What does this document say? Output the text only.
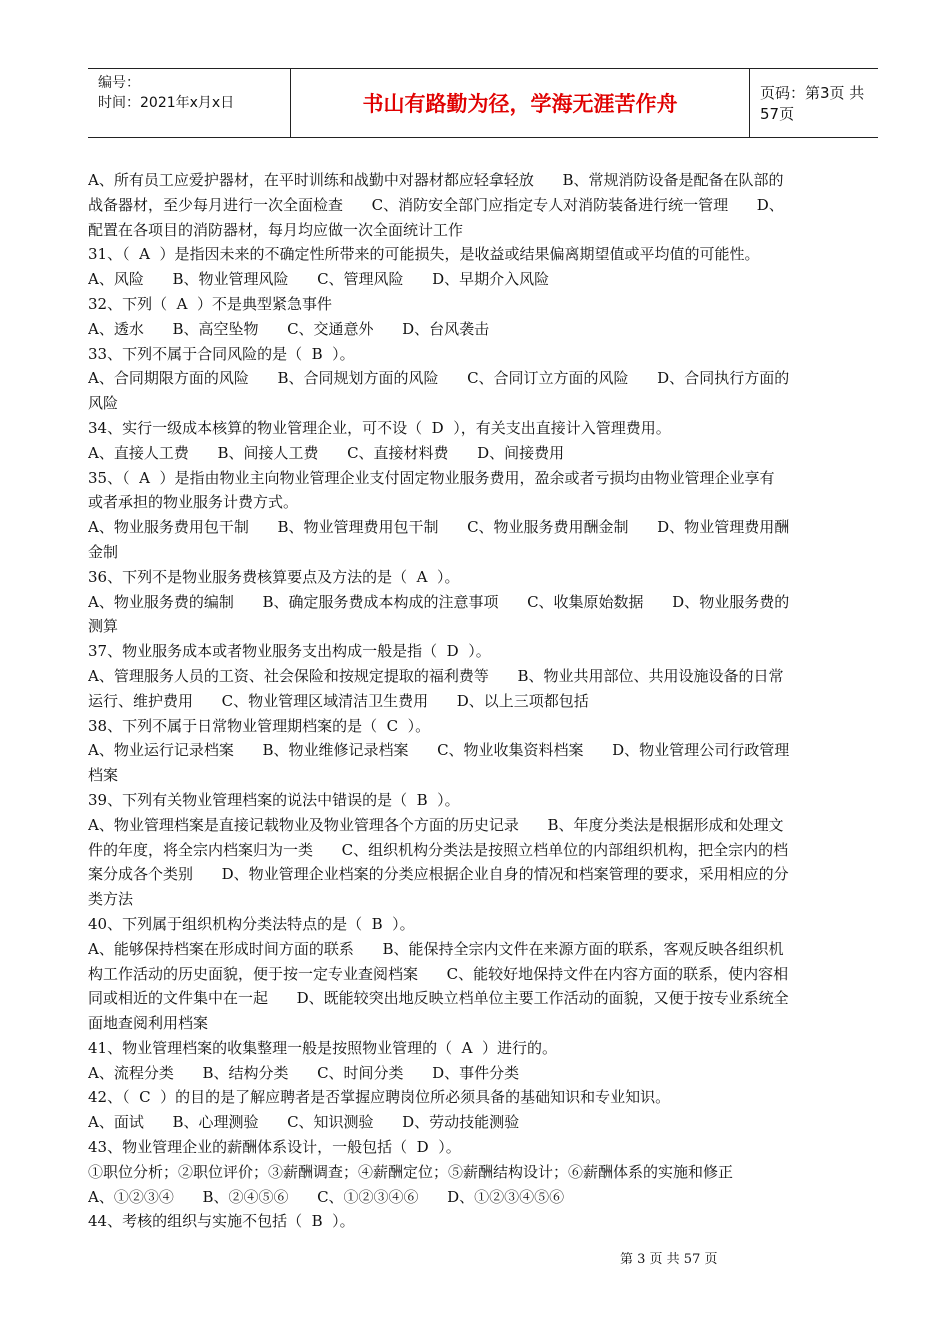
编号：
时间：2021年x月x日	书山有路勤为径，学海无涯苦作舟	页码：第3页 共57页
A、所有员工应爱护器材，在平时训练和战勤中对器材都应轻拿轻放      B、常规消防设备是配备在队部的
战备器材，至少每月进行一次全面检查      C、消防安全部门应指定专人对消防装备进行统一管理      D、
配置在各项目的消防器材，每月均应做一次全面统计工作
31、（  A  ）是指因未来的不确定性所带来的可能损失，是收益或结果偏离期望值或平均值的可能性。
A、风险      B、物业管理风险      C、管理风险      D、早期介入风险
32、下列（  A  ）不是典型紧急事件
A、透水      B、高空坠物      C、交通意外      D、台风袭击
33、下列不属于合同风险的是（  B  ）。
A、合同期限方面的风险      B、合同规划方面的风险      C、合同订立方面的风险      D、合同执行方面的
风险
34、实行一级成本核算的物业管理企业，可不设（  D  ），有关支出直接计入管理费用。
A、直接人工费      B、间接人工费      C、直接材料费      D、间接费用
35、（  A  ）是指由物业主向物业管理企业支付固定物业服务费用，盈余或者亏损均由物业管理企业享有
或者承担的物业服务计费方式。
A、物业服务费用包干制      B、物业管理费用包干制      C、物业服务费用酬金制      D、物业管理费用酬
金制
36、下列不是物业服务费核算要点及方法的是（  A  ）。
A、物业服务费的编制      B、确定服务费成本构成的注意事项      C、收集原始数据      D、物业服务费的
测算
37、物业服务成本或者物业服务支出构成一般是指（  D  ）。
A、管理服务人员的工资、社会保险和按规定提取的福利费等      B、物业共用部位、共用设施设备的日常
运行、维护费用      C、物业管理区域清洁卫生费用      D、以上三项都包括
38、下列不属于日常物业管理期档案的是（  C  ）。
A、物业运行记录档案      B、物业维修记录档案      C、物业收集资料档案      D、物业管理公司行政管理
档案
39、下列有关物业管理档案的说法中错误的是（  B  ）。
A、物业管理档案是直接记载物业及物业管理各个方面的历史记录      B、年度分类法是根据形成和处理文
件的年度，将全宗内档案归为一类      C、组织机构分类法是按照立档单位的内部组织机构，把全宗内的档
案分成各个类别      D、物业管理企业档案的分类应根据企业自身的情况和档案管理的要求，采用相应的分
类方法
40、下列属于组织机构分类法特点的是（  B  ）。
A、能够保持档案在形成时间方面的联系      B、能保持全宗内文件在来源方面的联系，客观反映各组织机
构工作活动的历史面貌，便于按一定专业查阅档案      C、能较好地保持文件在内容方面的联系，使内容相
同或相近的文件集中在一起      D、既能较突出地反映立档单位主要工作活动的面貌，又便于按专业系统全
面地查阅利用档案
41、物业管理档案的收集整理一般是按照物业管理的（  A  ）进行的。
A、流程分类      B、结构分类      C、时间分类      D、事件分类
42、（  C  ）的目的是了解应聘者是否掌握应聘岗位所必须具备的基础知识和专业知识。
A、面试      B、心理测验      C、知识测验      D、劳动技能测验
43、物业管理企业的薪酬体系设计，一般包括（  D  ）。
①职位分析；②职位评价；③薪酬调查；④薪酬定位；⑤薪酬结构设计；⑥薪酬体系的实施和修正
A、①②③④      B、②④⑤⑥      C、①②③④⑥      D、①②③④⑤⑥
44、考核的组织与实施不包括（  B  ）。
第 3 页 共 57 页
